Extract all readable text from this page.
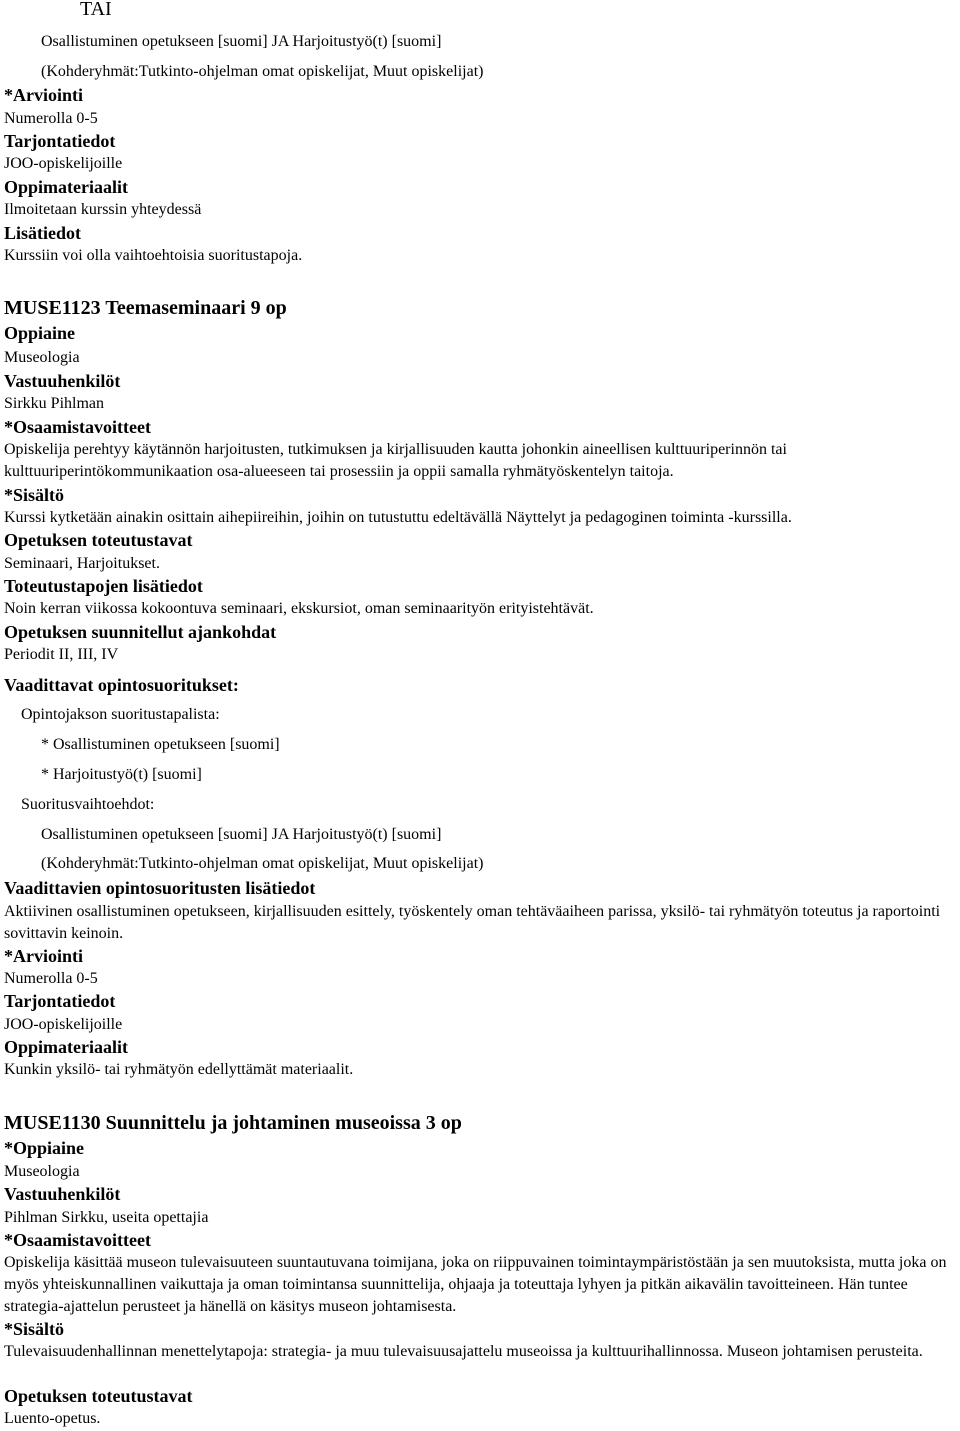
TAI
Osallistuminen opetukseen [suomi] JA Harjoitustyö(t) [suomi]
(Kohderyhmät:Tutkinto-ohjelman omat opiskelijat, Muut opiskelijat)
*Arviointi
Numerolla 0-5
Tarjontatiedot
JOO-opiskelijoille
Oppimateriaalit
Ilmoitetaan kurssin yhteydessä
Lisätiedot
Kurssiin voi olla vaihtoehtoisia suoritustapoja.
MUSE1123 Teemaseminaari 9 op
Oppiaine
Museologia
Vastuuhenkilöt
Sirkku Pihlman
*Osaamistavoitteet
Opiskelija perehtyy käytännön harjoitusten, tutkimuksen ja kirjallisuuden kautta johonkin aineellisen kulttuuriperinnön tai kulttuuriperintökommunikaation osa-alueeseen tai prosessiin ja oppii samalla ryhmätyöskentelyn taitoja.
*Sisältö
Kurssi kytketään ainakin osittain aihepiireihin, joihin on tutustuttu edeltävällä Näyttelyt ja pedagoginen toiminta -kurssilla.
Opetuksen toteutustavat
Seminaari, Harjoitukset.
Toteutustapojen lisätiedot
Noin kerran viikossa kokoontuva seminaari, ekskursiot, oman seminaarityön erityistehtävät.
Opetuksen suunnitellut ajankohdat
Periodit II, III, IV
Vaadittavat opintosuoritukset:
Opintojakson suoritustapalista:
* Osallistuminen opetukseen [suomi]
* Harjoitustyö(t) [suomi]
Suoritusvaihtoehdot:
Osallistuminen opetukseen [suomi] JA Harjoitustyö(t) [suomi]
(Kohderyhmät:Tutkinto-ohjelman omat opiskelijat, Muut opiskelijat)
Vaadittavien opintosuoritusten lisätiedot
Aktiivinen osallistuminen opetukseen, kirjallisuuden esittely, työskentely oman tehtäväaiheen parissa, yksilö- tai ryhmätyön toteutus ja raportointi sovittavin keinoin.
*Arviointi
Numerolla 0-5
Tarjontatiedot
JOO-opiskelijoille
Oppimateriaalit
Kunkin yksilö- tai ryhmätyön edellyttämät materiaalit.
MUSE1130 Suunnittelu ja johtaminen museoissa 3 op
*Oppiaine
Museologia
Vastuuhenkilöt
Pihlman Sirkku, useita opettajia
*Osaamistavoitteet
Opiskelija käsittää museon tulevaisuuteen suuntautuvana toimijana, joka on riippuvainen toimintaympäristöstään ja sen muutoksista, mutta joka on myös yhteiskunnallinen vaikuttaja ja oman toimintansa suunnittelija, ohjaaja ja toteuttaja lyhyen ja pitkän aikavälin tavoitteineen. Hän tuntee strategia-ajattelun perusteet ja hänellä on käsitys museon johtamisesta.
*Sisältö
Tulevaisuudenhallinnan menettelytapoja: strategia- ja muu tulevaisuusajattelu museoissa ja kulttuurihallinnossa. Museon johtamisen perusteita.
Opetuksen toteutustavat
Luento-opetus.
